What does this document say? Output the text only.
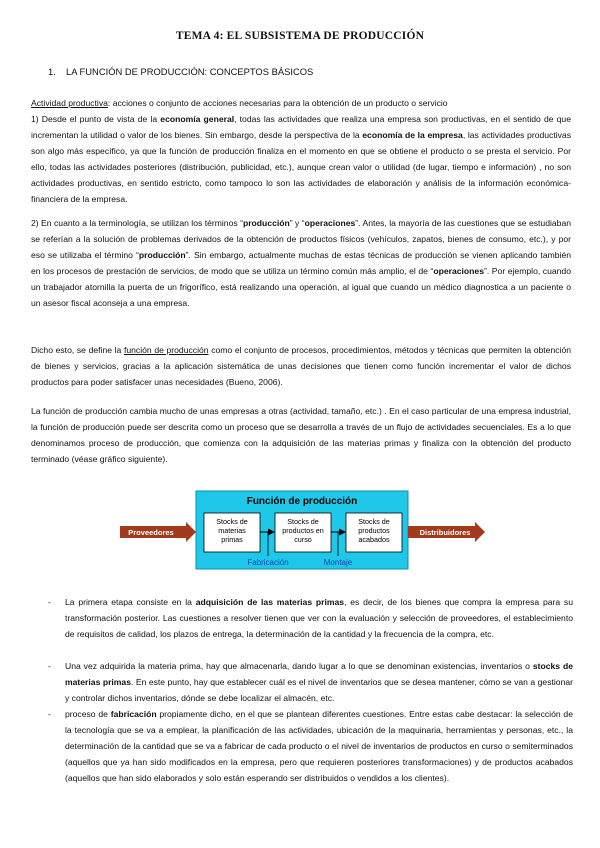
TEMA 4: EL SUBSISTEMA DE PRODUCCIÓN
1. LA FUNCIÓN DE PRODUCCIÓN: CONCEPTOS BÁSICOS

Actividad productiva: acciones o conjunto de acciones necesarias para la obtención de un producto o servicio
1) Desde el punto de vista de la economía general, todas las actividades que realiza una empresa son productivas, en el sentido de que incrementan la utilidad o valor de los bienes. Sin embargo, desde la perspectiva de la economía de la empresa, las actividades productivas son algo más específico, ya que la función de producción finaliza en el momento en que se obtiene el producto o se presta el servicio. Por ello, todas las actividades posteriores (distribución, publicidad, etc.), aunque crean valor o utilidad (de lugar, tiempo e información) , no son actividades productivas, en sentido estricto, como tampoco lo son las actividades de elaboración y análisis de la información económica-financiera de la empresa.

2) En cuanto a la terminología, se utilizan los términos “producción” y “operaciones”. Antes, la mayoría de las cuestiones que se estudiaban se referían a la solución de problemas derivados de la obtención de productos físicos (vehículos, zapatos, bienes de consumo, etc.), y por eso se utilizaba el término “producción”. Sin embargo, actualmente muchas de estas técnicas de producción se vienen aplicando también en los procesos de prestación de servicios, de modo que se utiliza un término común más amplio, el de “operaciones”. Por ejemplo, cuando un trabajador atornilla la puerta de un frigorífico, está realizando una operación, al igual que cuando un médico diagnostica a un paciente o un asesor fiscal aconseja a una empresa.

Dicho esto, se define la función de producción como el conjunto de procesos, procedimientos, métodos y técnicas que permiten la obtención de bienes y servicios, gracias a la aplicación sistemática de unas decisiones que tienen como función incrementar el valor de dichos productos para poder satisfacer unas necesidades (Bueno, 2006).

La función de producción cambia mucho de unas empresas a otras (actividad, tamaño, etc.) . En el caso particular de una empresa industrial, la función de producción puede ser descrita como un proceso que se desarrolla a través de un flujo de actividades secuenciales. Es a lo que denominamos proceso de producción, que comienza con la adquisición de las materias primas y finaliza con la obtención del producto terminado (véase gráfico siguiente).

Función de producción
Proveedores	Distribuidores
Stocks de
materias
primas
Stocks de
productos en
curso
Stocks de
productos
acabados
Fabricación	Montaje
- La primera etapa consiste en la adquisición de las materias primas, es decir, de los bienes que compra la empresa para su transformación posterior. Las cuestiones a resolver tienen que ver con la evaluación y selección de proveedores, el establecimiento de requisitos de calidad, los plazos de entrega, la determinación de la cantidad y la frecuencia de la compra, etc.
- Una vez adquirida la materia prima, hay que almacenarla, dando lugar a lo que se denominan existencias, inventarios o stocks de materias primas. En este punto, hay que establecer cuál es el nivel de inventarios que se desea mantener, cómo se van a gestionar y controlar dichos inventarios, dónde se debe localizar el almacén, etc.
- proceso de fabricación propiamente dicho, en el que se plantean diferentes cuestiones. Entre estas cabe destacar: la selección de la tecnología que se va a emplear, la planificación de las actividades, ubicación de la maquinaria, herramientas y personas, etc., la determinación de la cantidad que se va a fabricar de cada producto o el nivel de inventarios de productos en curso o semiterminados (aquellos que ya han sido modificados en la empresa, pero que requieren posteriores transformaciones) y de productos acabados (aquellos que han sido elaborados y solo están esperando ser distribuidos o vendidos a los clientes).
